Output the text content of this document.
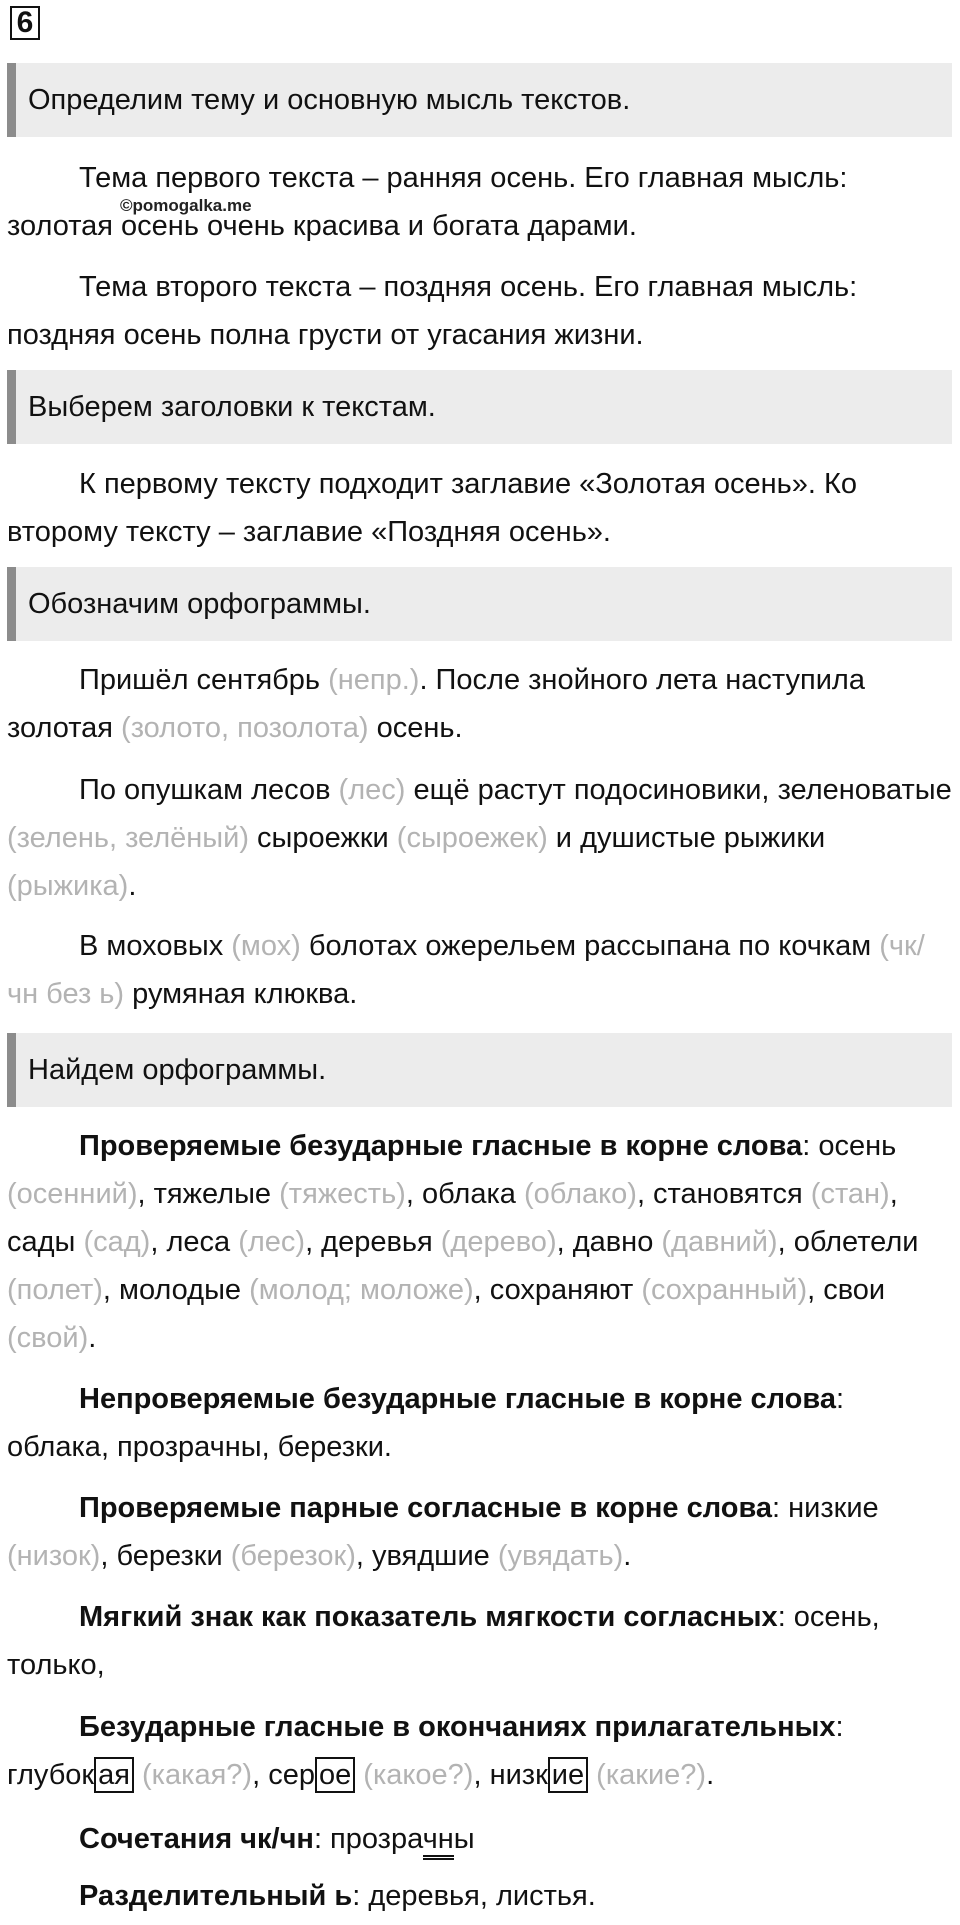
6
Определим тему и основную мысль текстов.

Тема первого текста – ранняя осень. Его главная мысль: золотая осень очень красива и богата дарами.

©pomogalka.me

Тема второго текста – поздняя осень. Его главная мысль: поздняя осень полна грусти от угасания жизни.

Выберем заголовки к текстам.

К первому тексту подходит заглавие «Золотая осень». Ко второму тексту – заглавие «Поздняя осень».

Обозначим орфограммы.

Пришёл сентябрь (непр.). После знойного лета наступила золотая (золото, позолота) осень.

По опушкам лесов (лес) ещё растут подосиновики, зеленоватые (зелень, зелёный) сыроежки (сыроежек) и душистые рыжики (рыжика).

В моховых (мох) болотах ожерельем рассыпана по кочкам (чк/чн без ь) румяная клюква.

Найдем орфограммы.

Проверяемые безударные гласные в корне слова: осень (осенний), тяжелые (тяжесть), облака (облако), становятся (стан), сады (сад), леса (лес), деревья (дерево), давно (давний), облетели (полет), молодые (молод; моложе), сохраняют (сохранный), свои (свой).

Непроверяемые безударные гласные в корне слова: облака, прозрачны, березки.

Проверяемые парные согласные в корне слова: низкие (низок), березки (березок), увядшие (увядать).

Мягкий знак как показатель мягкости согласных: осень, только,

Безударные гласные в окончаниях прилагательных: глубок ая (какая?), сер ое (какое?), низк ие (какие?).

Сочетания чк/чн: прозрачны

Разделительный ь: деревья, листья.
